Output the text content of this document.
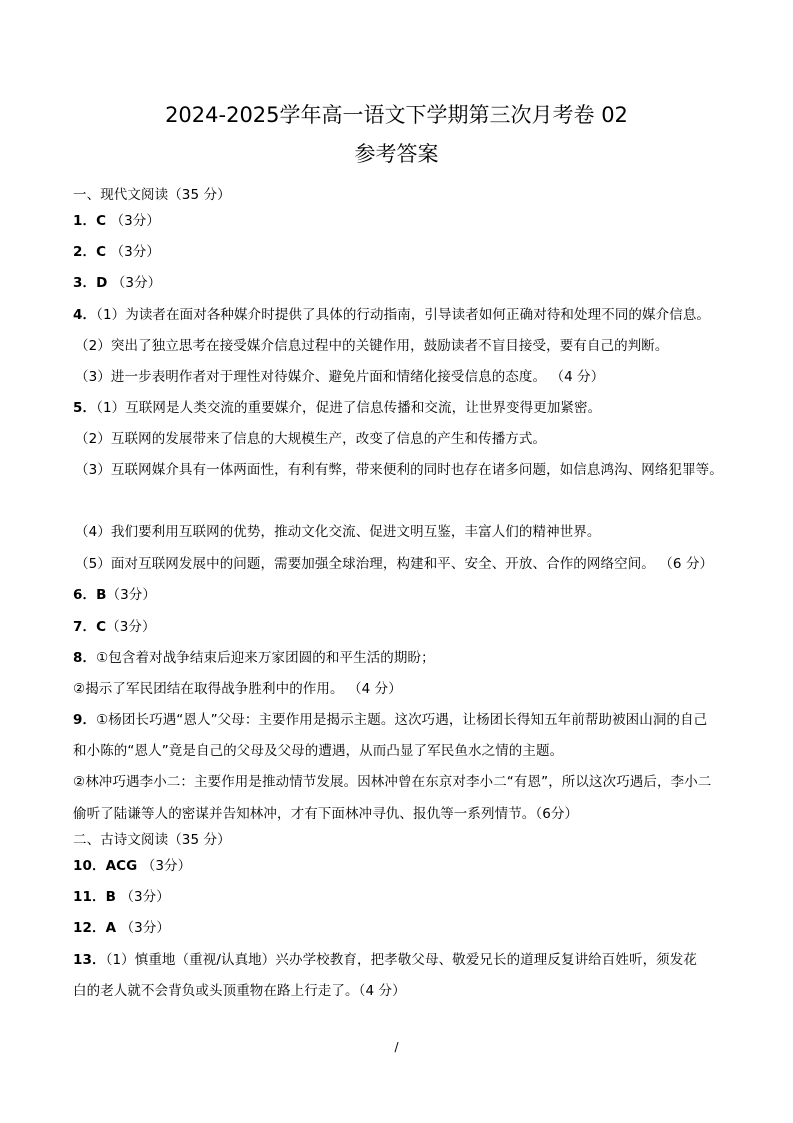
2024-2025学年高一语文下学期第三次月考卷 02
参考答案
一、现代文阅读（35 分）
1．C （3分）
2．C （3分）
3．D （3分）
4．（1）为读者在面对各种媒介时提供了具体的行动指南，引导读者如何正确对待和处理不同的媒介信息。
（2）突出了独立思考在接受媒介信息过程中的关键作用，鼓励读者不盲目接受，要有自己的判断。
（3）进一步表明作者对于理性对待媒介、避免片面和情绪化接受信息的态度。 （4 分）
5．（1）互联网是人类交流的重要媒介，促进了信息传播和交流，让世界变得更加紧密。
（2）互联网的发展带来了信息的大规模生产，改变了信息的产生和传播方式。
（3）互联网媒介具有一体两面性，有利有弊，带来便利的同时也存在诸多问题，如信息鸿沟、网络犯罪等。
（4）我们要利用互联网的优势，推动文化交流、促进文明互鉴，丰富人们的精神世界。
（5）面对互联网发展中的问题，需要加强全球治理，构建和平、安全、开放、合作的网络空间。 （6 分）
6．B（3分）
7．C（3分）
8．①包含着对战争结束后迎来万家团圆的和平生活的期盼；
②揭示了军民团结在取得战争胜利中的作用。 （4 分）
9．①杨团长巧遇“恩人”父母：主要作用是揭示主题。这次巧遇，让杨团长得知五年前帮助被困山洞的自己
和小陈的“恩人”竟是自己的父母及父母的遭遇，从而凸显了军民鱼水之情的主题。
②林冲巧遇李小二：主要作用是推动情节发展。因林冲曾在东京对李小二“有恩”，所以这次巧遇后，李小二
偷听了陆谦等人的密谋并告知林冲，才有下面林冲寻仇、报仇等一系列情节。（6分）
二、古诗文阅读（35 分）
10．ACG （3分）
11．B （3分）
12．A （3分）
13．（1）慎重地（重视/认真地）兴办学校教育，把孝敬父母、敬爱兄长的道理反复讲给百姓听，须发花
白的老人就不会背负或头顶重物在路上行走了。（4 分）
/
